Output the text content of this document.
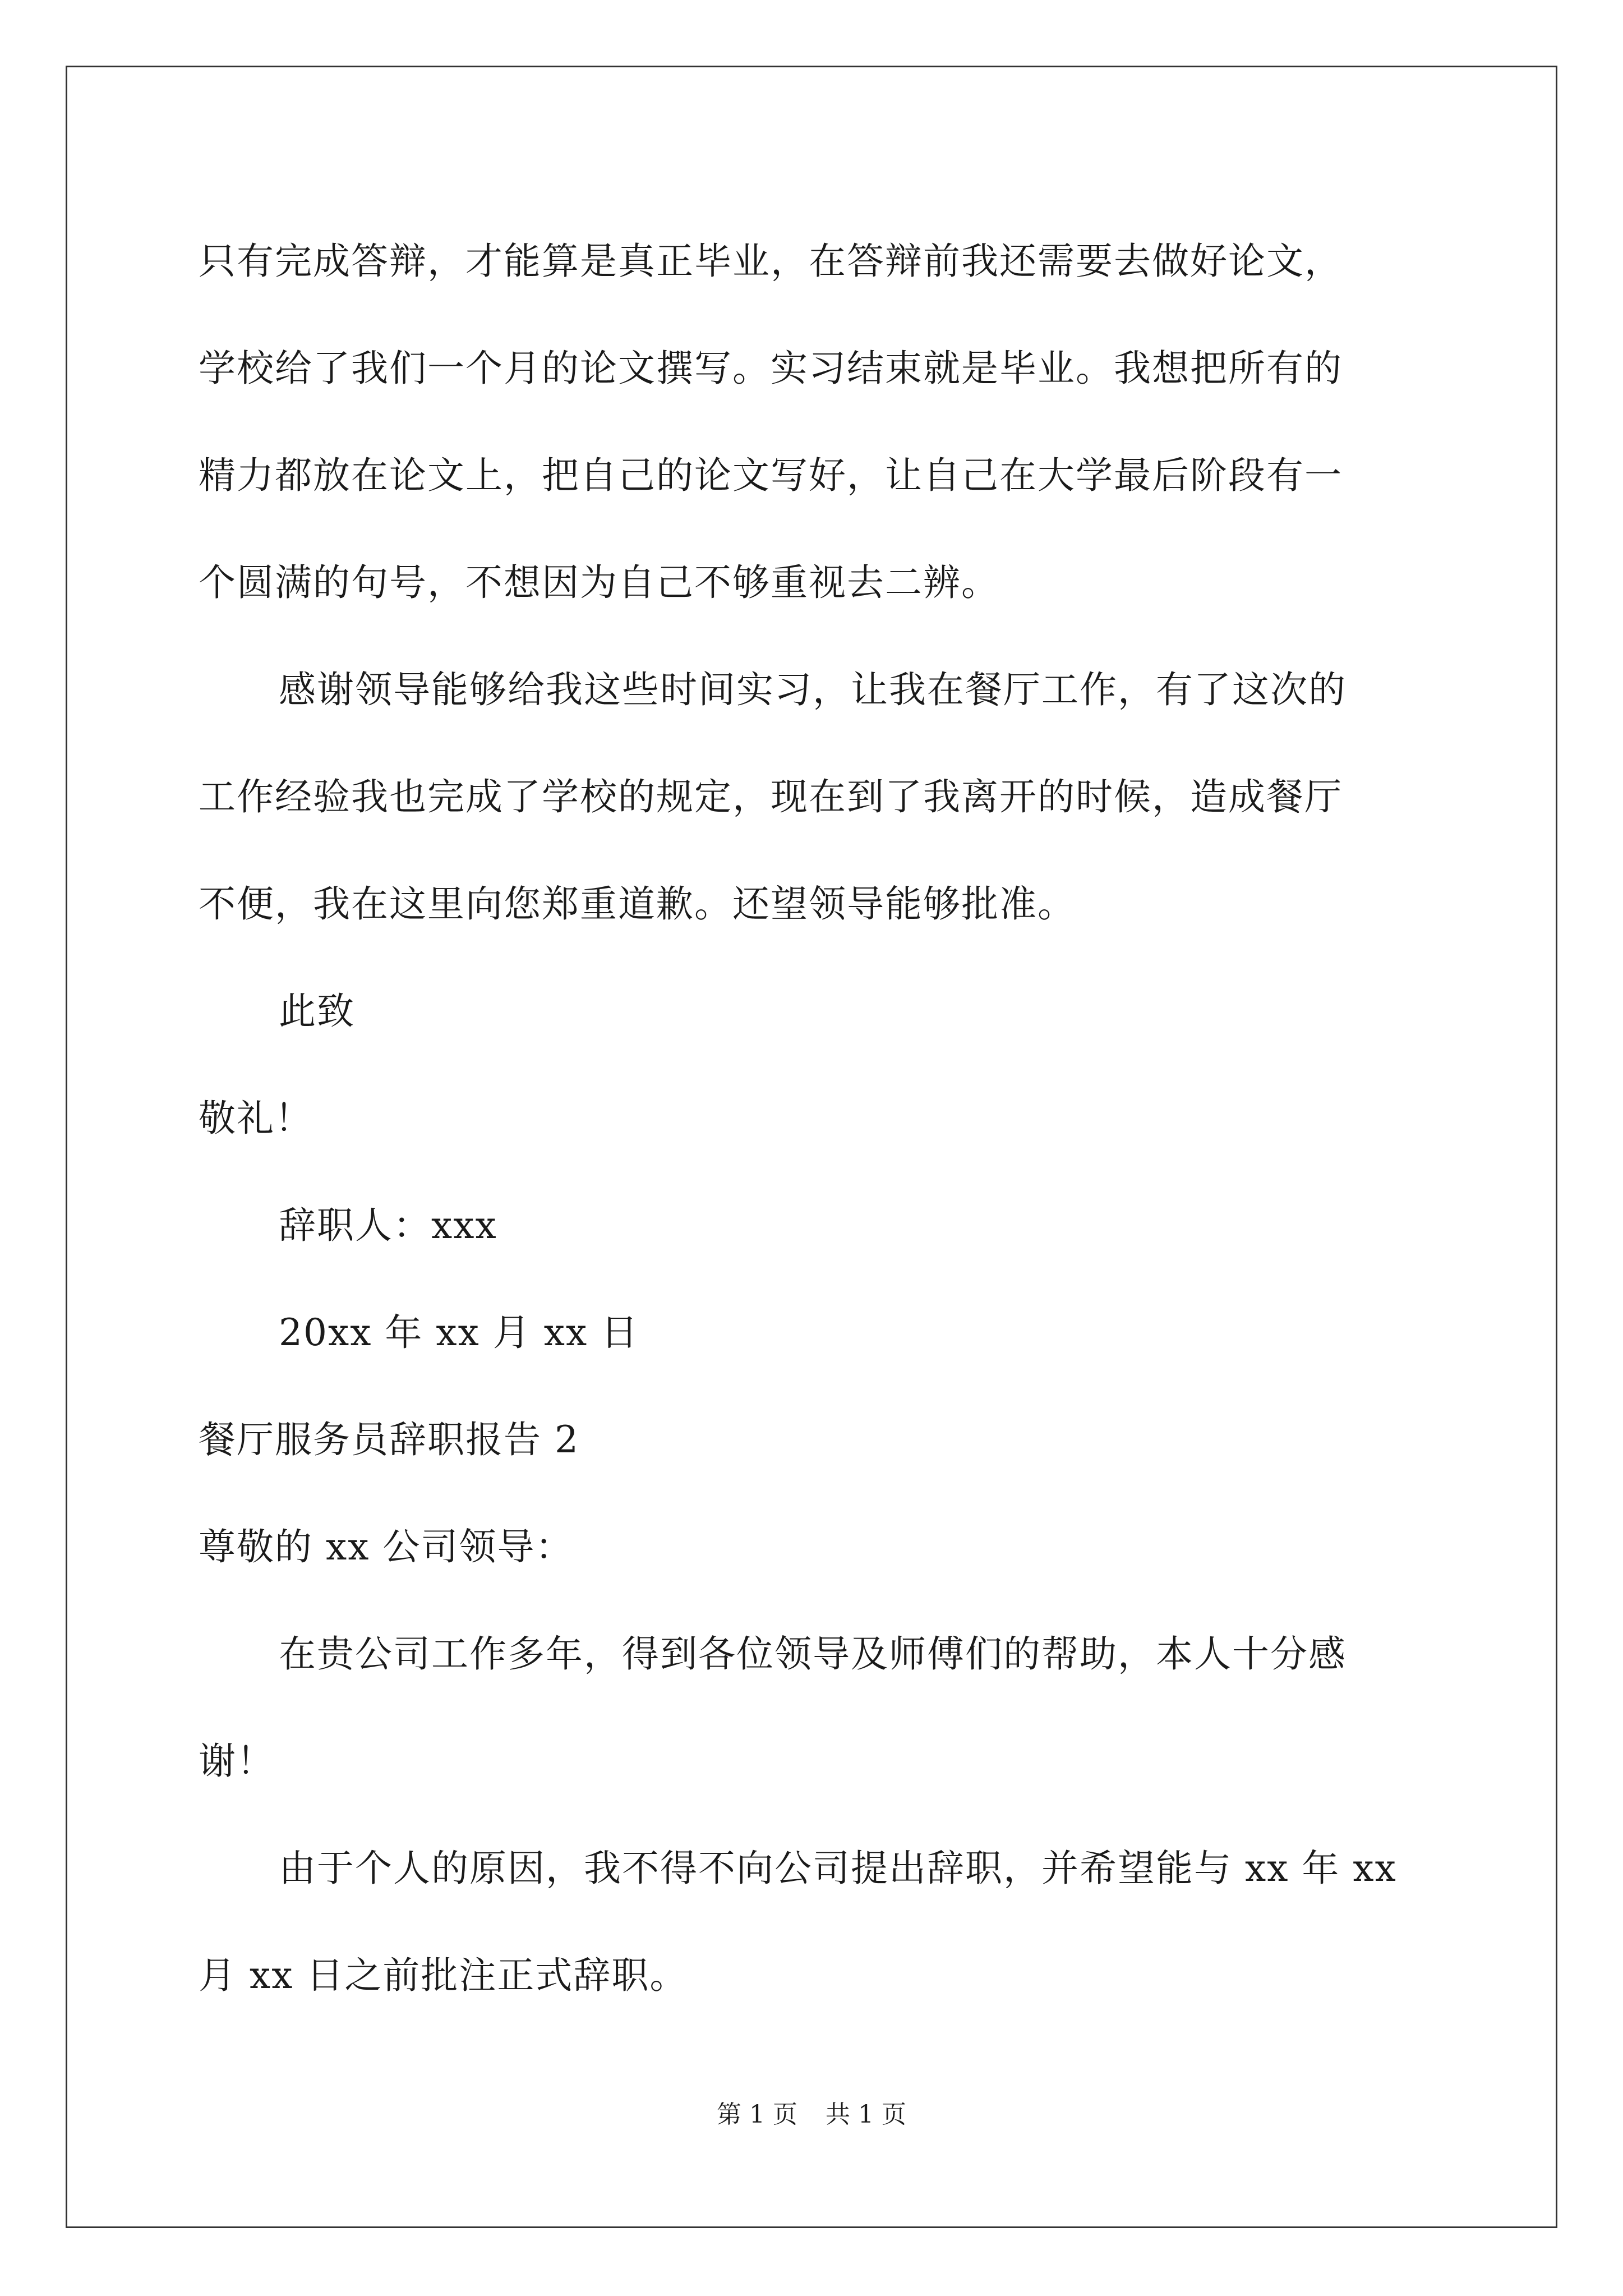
只有完成答辩，才能算是真正毕业，在答辩前我还需要去做好论文，
学校给了我们一个月的论文撰写。实习结束就是毕业。我想把所有的
精力都放在论文上，把自己的论文写好，让自己在大学最后阶段有一
个圆满的句号，不想因为自己不够重视去二辨。
感谢领导能够给我这些时间实习，让我在餐厅工作，有了这次的
工作经验我也完成了学校的规定，现在到了我离开的时候，造成餐厅
不便，我在这里向您郑重道歉。还望领导能够批准。
此致
敬礼！
辞职人：xxx
20xx 年 xx 月 xx 日
餐厅服务员辞职报告 2
尊敬的 xx 公司领导：
在贵公司工作多年，得到各位领导及师傅们的帮助，本人十分感
谢！
由于个人的原因，我不得不向公司提出辞职，并希望能与 xx 年 xx
月 xx 日之前批注正式辞职。
第 1 页 共 1 页
